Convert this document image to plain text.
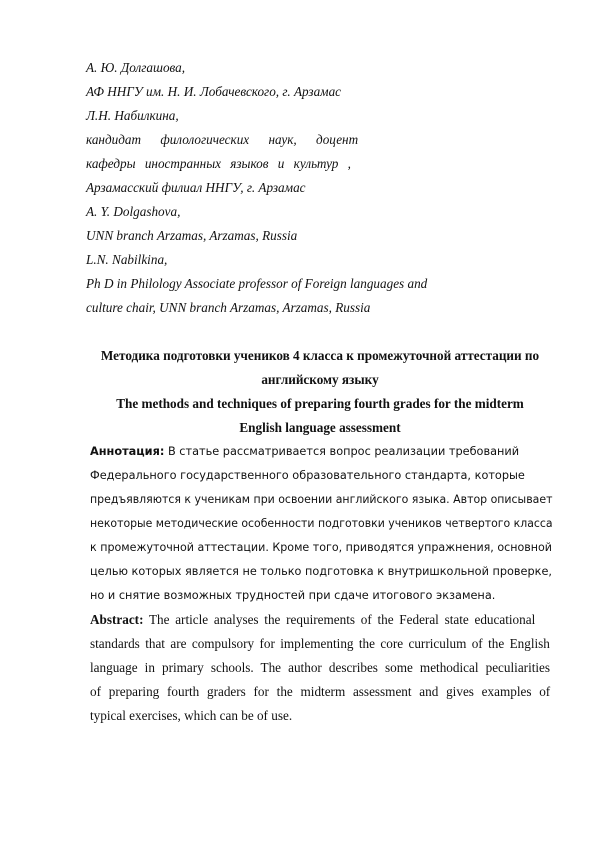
А. Ю. Долгашова,
АФ ННГУ им. Н. И. Лобачевского, г. Арзамас
Л.Н. Набилкина,
кандидат филологических наук, доцент
кафедры иностранных языков и культур ,
Арзамасский филиал ННГУ, г. Арзамас
А. Y. Dolgashova,
UNN branch Arzamas, Arzamas, Russia
L.N. Nabilkina,
Ph D in Philology Associate professor of Foreign languages and
culture chair, UNN branch Arzamas, Arzamas, Russia
Методика подготовки учеников 4 класса к промежуточной аттестации по
английскому языку
The methods and techniques of preparing fourth grades for the midterm
English language assessment
Аннотация: В статье рассматривается вопрос реализации требований
Федерального государственного образовательного стандарта, которые
предъявляются к ученикам при освоении английского языка. Автор описывает
некоторые методические особенности подготовки учеников четвертого класса
к промежуточной аттестации. Кроме того, приводятся упражнения, основной
целью которых является не только подготовка к внутришкольной проверке,
но и снятие возможных трудностей при сдаче итогового экзамена.
Abstract: The article analyses the requirements of the Federal state educational
standards that are compulsory for implementing the core curriculum of the English
language in primary schools. The author describes some methodical peculiarities
of preparing fourth graders for the midterm assessment and gives examples of
typical exercises, which can be of use.
